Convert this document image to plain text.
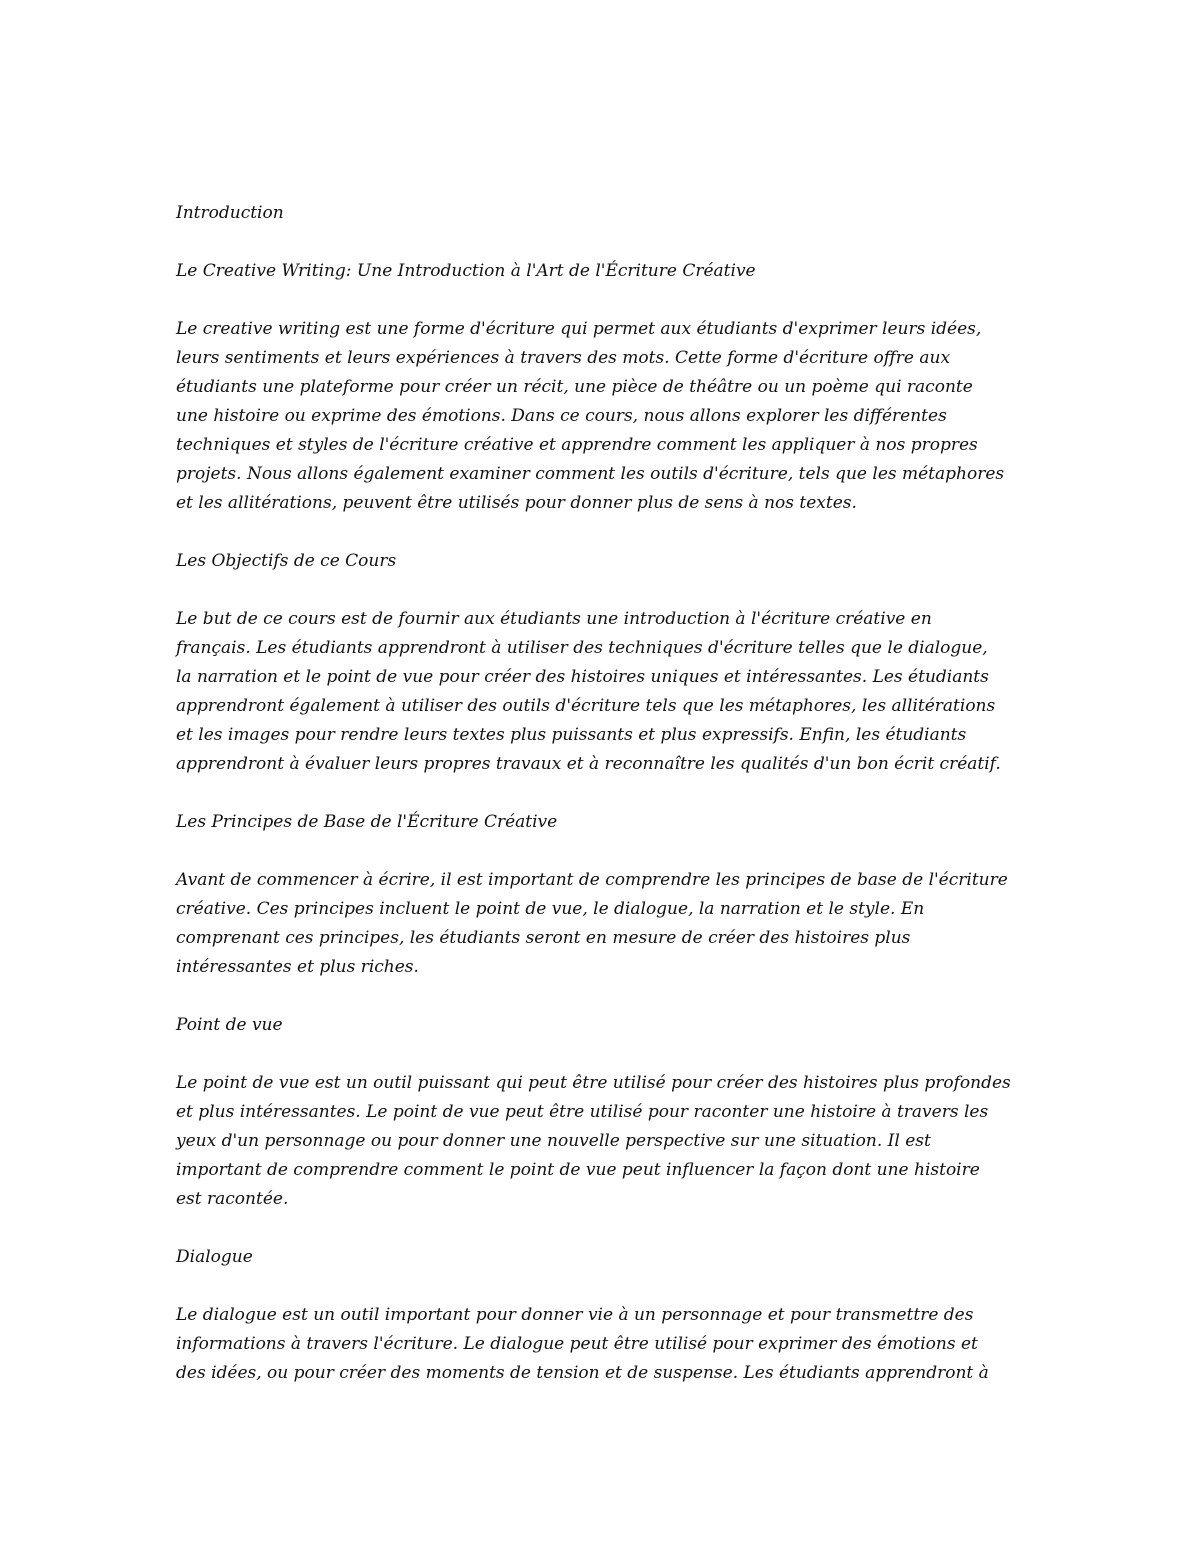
Introduction

Le Creative Writing: Une Introduction à l'Art de l'Écriture Créative

Le creative writing est une forme d'écriture qui permet aux étudiants d'exprimer leurs idées,
leurs sentiments et leurs expériences à travers des mots. Cette forme d'écriture offre aux
étudiants une plateforme pour créer un récit, une pièce de théâtre ou un poème qui raconte
une histoire ou exprime des émotions. Dans ce cours, nous allons explorer les différentes
techniques et styles de l'écriture créative et apprendre comment les appliquer à nos propres
projets. Nous allons également examiner comment les outils d'écriture, tels que les métaphores
et les allitérations, peuvent être utilisés pour donner plus de sens à nos textes.

Les Objectifs de ce Cours

Le but de ce cours est de fournir aux étudiants une introduction à l'écriture créative en
français. Les étudiants apprendront à utiliser des techniques d'écriture telles que le dialogue,
la narration et le point de vue pour créer des histoires uniques et intéressantes. Les étudiants
apprendront également à utiliser des outils d'écriture tels que les métaphores, les allitérations
et les images pour rendre leurs textes plus puissants et plus expressifs. Enfin, les étudiants
apprendront à évaluer leurs propres travaux et à reconnaître les qualités d'un bon écrit créatif.

Les Principes de Base de l'Écriture Créative

Avant de commencer à écrire, il est important de comprendre les principes de base de l'écriture
créative. Ces principes incluent le point de vue, le dialogue, la narration et le style. En
comprenant ces principes, les étudiants seront en mesure de créer des histoires plus
intéressantes et plus riches.

Point de vue

Le point de vue est un outil puissant qui peut être utilisé pour créer des histoires plus profondes
et plus intéressantes. Le point de vue peut être utilisé pour raconter une histoire à travers les
yeux d'un personnage ou pour donner une nouvelle perspective sur une situation. Il est
important de comprendre comment le point de vue peut influencer la façon dont une histoire
est racontée.

Dialogue

Le dialogue est un outil important pour donner vie à un personnage et pour transmettre des
informations à travers l'écriture. Le dialogue peut être utilisé pour exprimer des émotions et
des idées, ou pour créer des moments de tension et de suspense. Les étudiants apprendront à
